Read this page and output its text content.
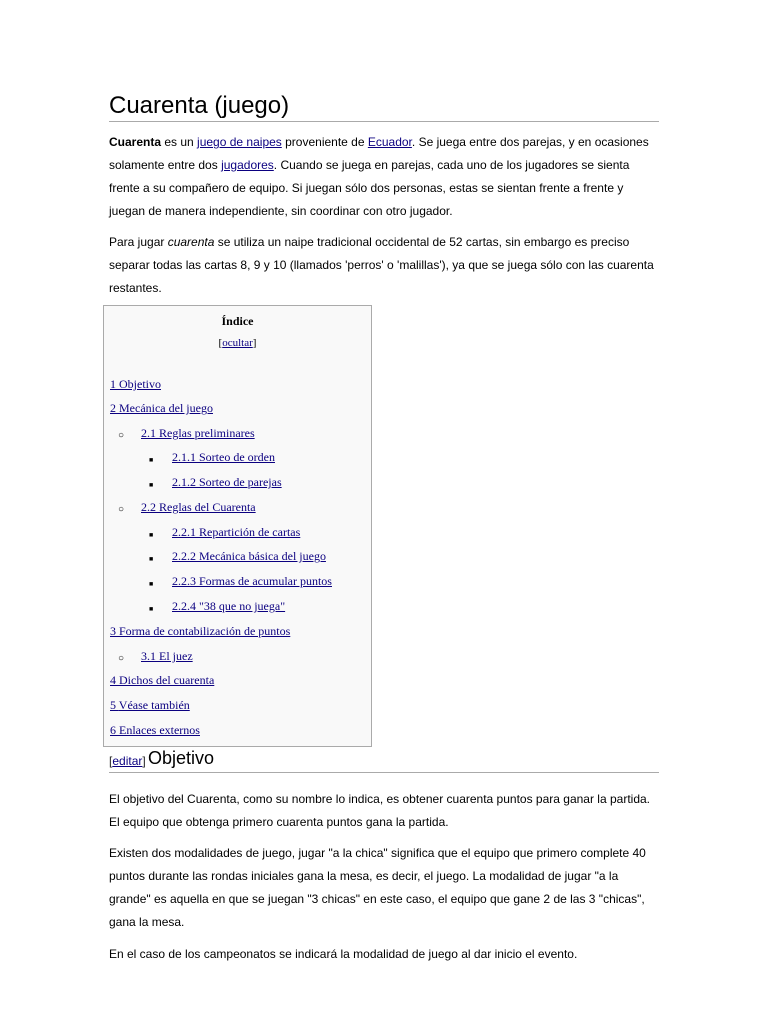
Cuarenta (juego)

Cuarenta es un juego de naipes proveniente de Ecuador. Se juega entre dos parejas, y en ocasiones solamente entre dos jugadores. Cuando se juega en parejas, cada uno de los jugadores se sienta frente a su compañero de equipo. Si juegan sólo dos personas, estas se sientan frente a frente y juegan de manera independiente, sin coordinar con otro jugador.

Para jugar cuarenta se utiliza un naipe tradicional occidental de 52 cartas, sin embargo es preciso separar todas las cartas 8, 9 y 10 (llamados 'perros' o 'malillas'), ya que se juega sólo con las cuarenta restantes.

Índice
[ocultar]
1 Objetivo
2 Mecánica del juego
○
2.1 Reglas preliminares
■
2.1.1 Sorteo de orden
■
2.1.2 Sorteo de parejas
○
2.2 Reglas del Cuarenta
■
2.2.1 Repartición de cartas
■
2.2.2 Mecánica básica del juego
■
2.2.3 Formas de acumular puntos
■
2.2.4 "38 que no juega"
3 Forma de contabilización de puntos
○
3.1 El juez
4 Dichos del cuarenta
5 Véase también
6 Enlaces externos
[editar] Objetivo

El objetivo del Cuarenta, como su nombre lo indica, es obtener cuarenta puntos para ganar la partida. El equipo que obtenga primero cuarenta puntos gana la partida.

Existen dos modalidades de juego, jugar "a la chica" significa que el equipo que primero complete 40 puntos durante las rondas iniciales gana la mesa, es decir, el juego. La modalidad de jugar "a la grande" es aquella en que se juegan "3 chicas" en este caso, el equipo que gane 2 de las 3 "chicas", gana la mesa.

En el caso de los campeonatos se indicará la modalidad de juego al dar inicio el evento.
